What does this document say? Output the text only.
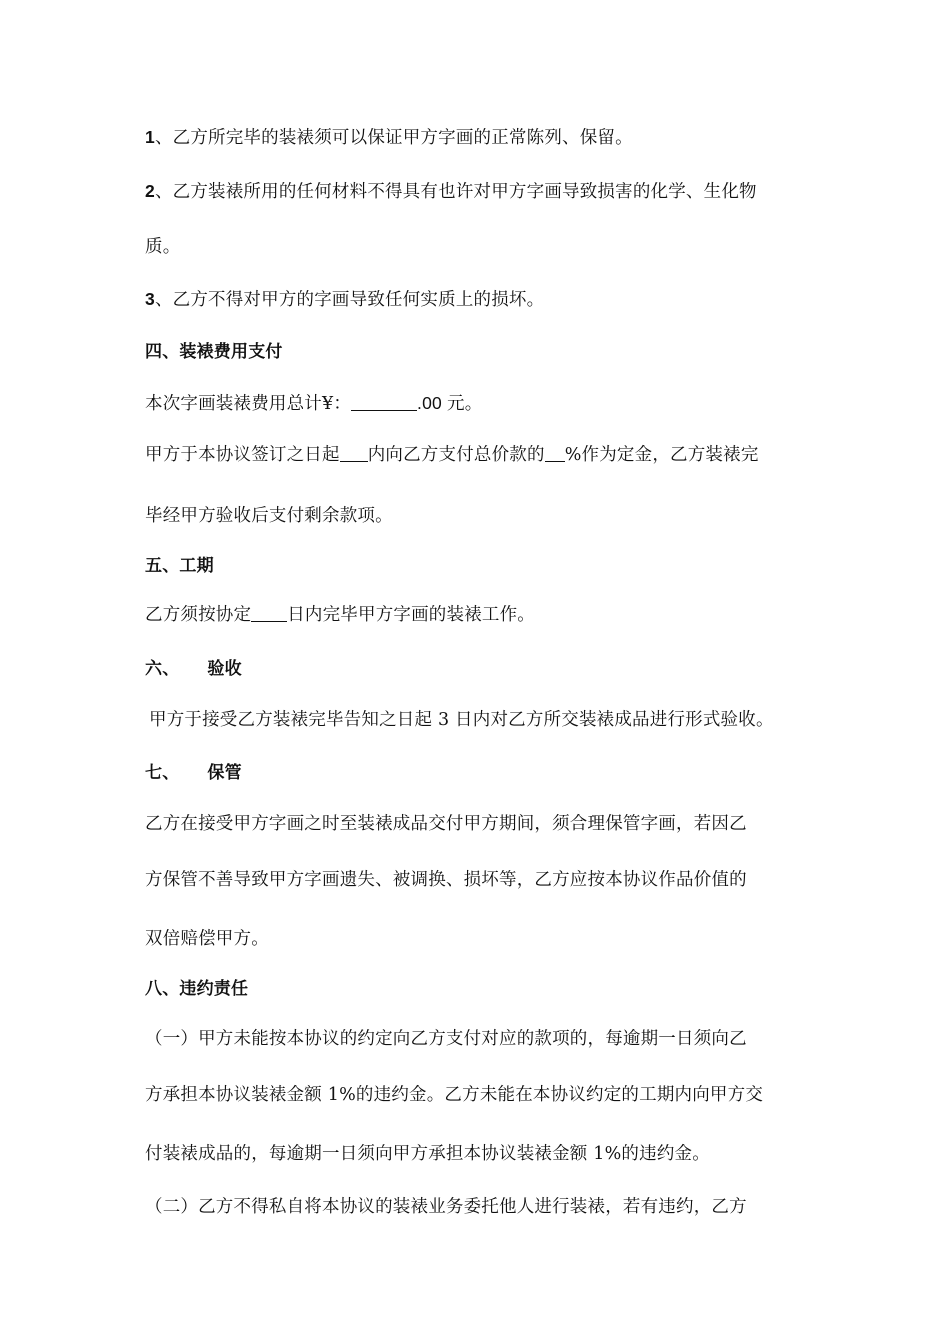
1、乙方所完毕的装裱须可以保证甲方字画的正常陈列、保留。
2、乙方装裱所用的任何材料不得具有也许对甲方字画导致损害的化学、生化物
质。
3、乙方不得对甲方的字画导致任何实质上的损坏。
四、装裱费用支付
本次字画装裱费用总计¥：	.00 元。
甲方于本协议签订之日起 内向乙方支付总价款的 %作为定金，乙方装裱完
毕经甲方验收后支付剩余款项。
五、工期
乙方须按协定 日内完毕甲方字画的装裱工作。
六、 验收
甲方于接受乙方装裱完毕告知之日起 3 日内对乙方所交装裱成品进行形式验收。
七、 保管
乙方在接受甲方字画之时至装裱成品交付甲方期间，须合理保管字画，若因乙
方保管不善导致甲方字画遗失、被调换、损坏等，乙方应按本协议作品价值的
双倍赔偿甲方。
八、违约责任
（一）甲方未能按本协议的约定向乙方支付对应的款项的，每逾期一日须向乙
方承担本协议装裱金额 1%的违约金。乙方未能在本协议约定的工期内向甲方交
付装裱成品的，每逾期一日须向甲方承担本协议装裱金额 1%的违约金。
（二）乙方不得私自将本协议的装裱业务委托他人进行装裱，若有违约，乙方
